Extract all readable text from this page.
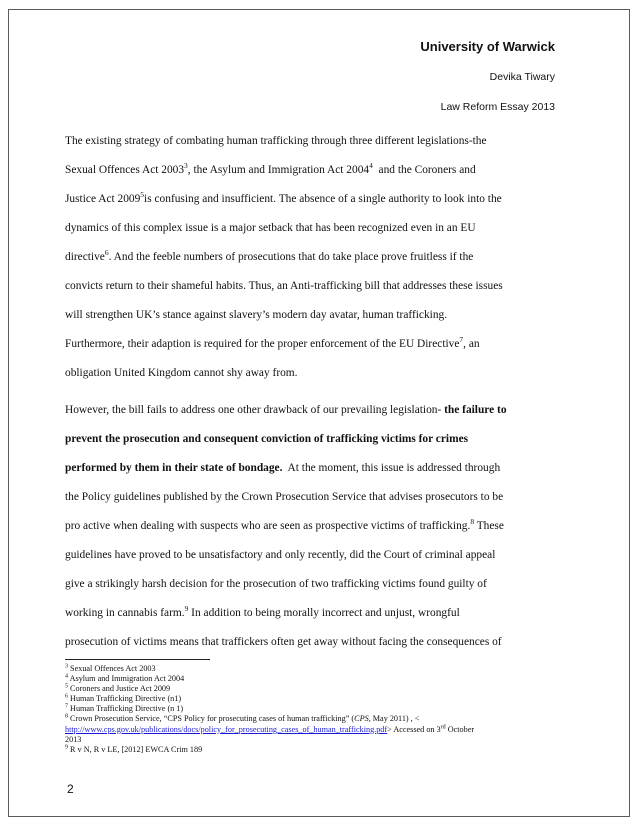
University of Warwick
Devika Tiwary
Law Reform Essay 2013
The existing strategy of combating human trafficking through three different legislations-the
Sexual Offences Act 2003$^3$, the Asylum and Immigration Act 2004$^4$  and the Coroners and
Justice Act 2009$^5$is confusing and insufficient. The absence of a single authority to look into the
dynamics of this complex issue is a major setback that has been recognized even in an EU
directive$^6$. And the feeble numbers of prosecutions that do take place prove fruitless if the
convicts return to their shameful habits. Thus, an Anti-trafficking bill that addresses these issues
will strengthen UK’s stance against slavery’s modern day avatar, human trafficking.
Furthermore, their adaption is required for the proper enforcement of the EU Directive$^7$, an
obligation United Kingdom cannot shy away from.
However, the bill fails to address one other drawback of our prevailing legislation- the failure to
prevent the prosecution and consequent conviction of trafficking victims for crimes
performed by them in their state of bondage.  At the moment, this issue is addressed through
the Policy guidelines published by the Crown Prosecution Service that advises prosecutors to be
pro active when dealing with suspects who are seen as prospective victims of trafficking.$^8$ These
guidelines have proved to be unsatisfactory and only recently, did the Court of criminal appeal
give a strikingly harsh decision for the prosecution of two trafficking victims found guilty of
working in cannabis farm.$^9$ In addition to being morally incorrect and unjust, wrongful
prosecution of victims means that traffickers often get away without facing the consequences of
$^3$ Sexual Offences Act 2003
$^4$ Asylum and Immigration Act 2004
$^5$ Coroners and Justice Act 2009
$^6$ Human Trafficking Directive (n1)
$^7$ Human Trafficking Directive (n 1)
$^8$ Crown Prosecution Service, “CPS Policy for prosecuting cases of human trafficking” (CPS, May 2011) , <
http://www.cps.gov.uk/publications/docs/policy_for_prosecuting_cases_of_human_trafficking.pdf> Accessed on 3rd October
2013
$^9$ R v N, R v LE, [2012] EWCA Crim 189
2
